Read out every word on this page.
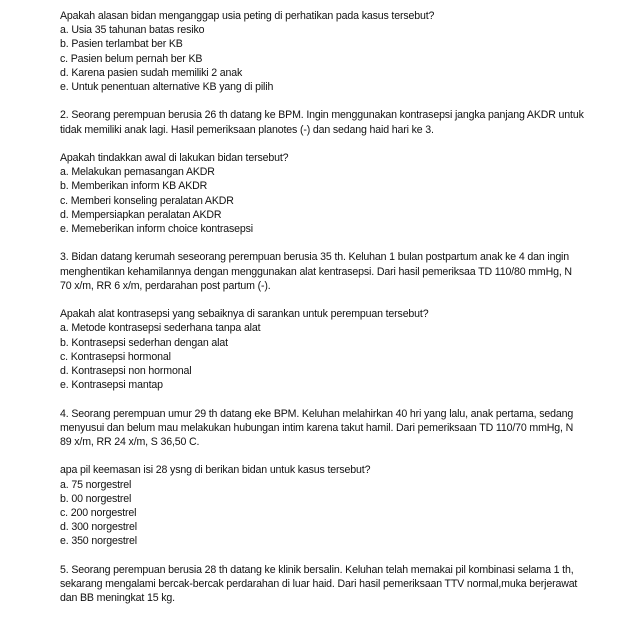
Apakah alasan bidan menganggap usia peting di perhatikan pada kasus tersebut?
a. Usia 35 tahunan batas resiko
b. Pasien terlambat ber KB
c. Pasien belum pernah ber KB
d. Karena pasien sudah memiliki 2 anak
e. Untuk penentuan alternative KB yang di pilih
2. Seorang perempuan berusia 26 th datang ke BPM. Ingin menggunakan kontrasepsi jangka panjang AKDR untuk
tidak memiliki anak lagi. Hasil pemeriksaan planotes (-) dan sedang haid hari ke 3.
Apakah tindakkan awal di lakukan bidan tersebut?
a. Melakukan pemasangan AKDR
b. Memberikan inform KB AKDR
c. Memberi konseling peralatan AKDR
d. Mempersiapkan peralatan AKDR
e. Memeberikan inform choice kontrasepsi
3. Bidan datang kerumah seseorang perempuan berusia 35 th. Keluhan 1 bulan postpartum anak ke 4 dan ingin
menghentikan kehamilannya dengan menggunakan alat kentrasepsi. Dari hasil pemeriksaa TD 110/80 mmHg, N
70 x/m, RR 6 x/m, perdarahan post partum (-).
Apakah alat kontrasepsi yang sebaiknya di sarankan untuk perempuan tersebut?
a. Metode kontrasepsi sederhana tanpa alat
b. Kontrasepsi sederhan dengan alat
c. Kontrasepsi hormonal
d. Kontrasepsi non hormonal
e. Kontrasepsi mantap
4. Seorang perempuan umur 29 th datang eke BPM. Keluhan melahirkan 40 hri yang lalu, anak pertama, sedang
menyusui dan belum mau melakukan hubungan intim karena takut hamil. Dari pemeriksaan TD 110/70 mmHg, N
89 x/m, RR 24 x/m, S 36,50 C.
apa pil keemasan isi 28 ysng di berikan bidan untuk kasus tersebut?
a. 75 norgestrel
b. 00 norgestrel
c. 200 norgestrel
d. 300 norgestrel
e. 350 norgestrel
5. Seorang perempuan berusia 28 th datang ke klinik bersalin. Keluhan telah memakai pil kombinasi selama 1 th,
sekarang mengalami bercak-bercak perdarahan di luar haid. Dari hasil pemeriksaan TTV normal,muka berjerawat
dan BB meningkat 15 kg.
